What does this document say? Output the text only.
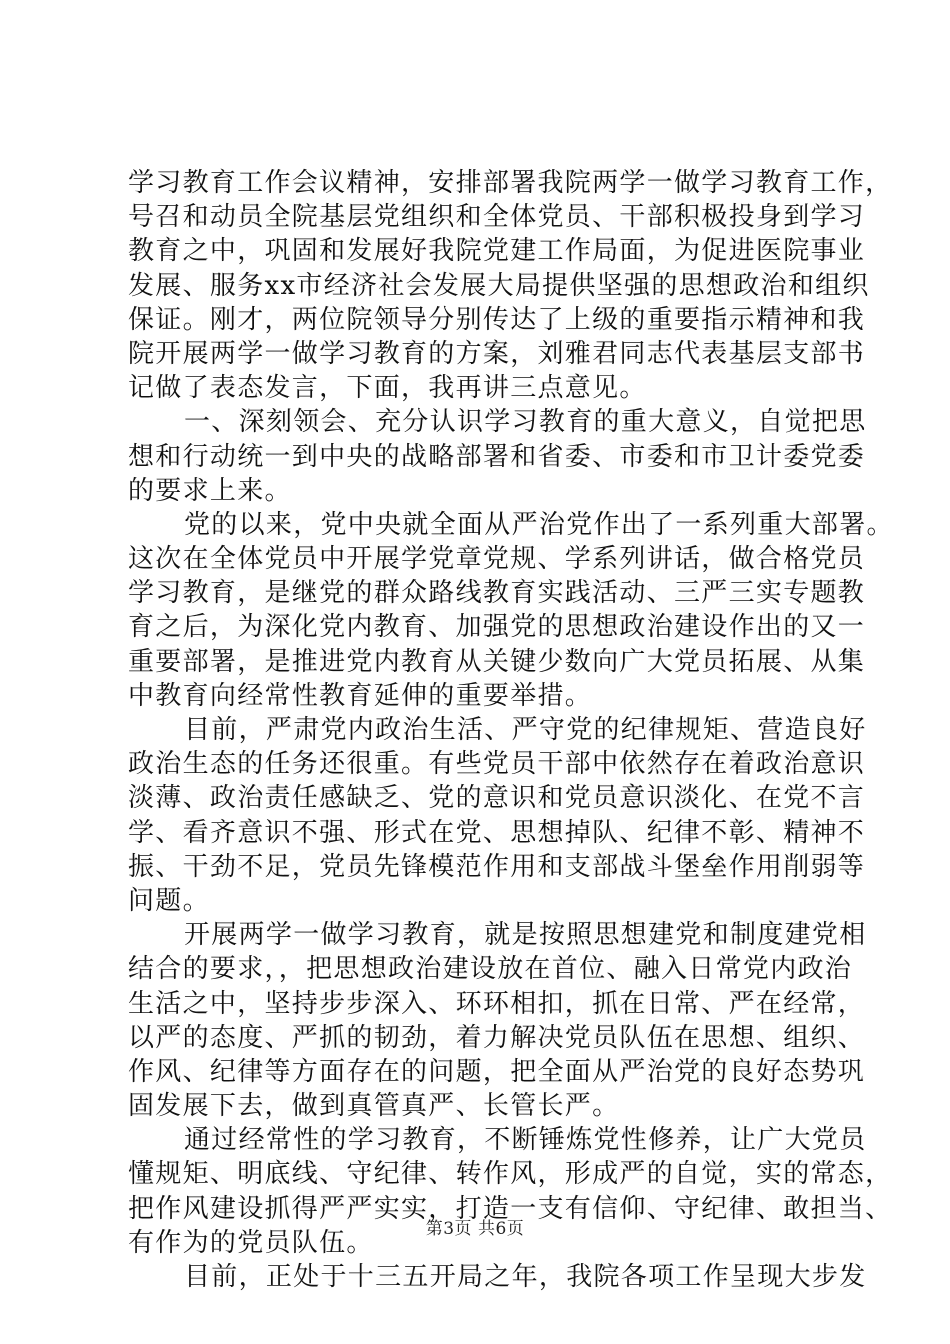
学习教育工作会议精神，安排部署我院两学一做学习教育工作，
号召和动员全院基层党组织和全体党员、干部积极投身到学习
教育之中，巩固和发展好我院党建工作局面，为促进医院事业
发展、服务xx市经济社会发展大局提供坚强的思想政治和组织
保证。刚才，两位院领导分别传达了上级的重要指示精神和我
院开展两学一做学习教育的方案，刘雅君同志代表基层支部书
记做了表态发言，下面，我再讲三点意见。
一、深刻领会、充分认识学习教育的重大意义，自觉把思
想和行动统一到中央的战略部署和省委、市委和市卫计委党委
的要求上来。
党的以来，党中央就全面从严治党作出了一系列重大部署。
这次在全体党员中开展学党章党规、学系列讲话，做合格党员
学习教育，是继党的群众路线教育实践活动、三严三实专题教
育之后，为深化党内教育、加强党的思想政治建设作出的又一
重要部署，是推进党内教育从关键少数向广大党员拓展、从集
中教育向经常性教育延伸的重要举措。
目前，严肃党内政治生活、严守党的纪律规矩、营造良好
政治生态的任务还很重。有些党员干部中依然存在着政治意识
淡薄、政治责任感缺乏、党的意识和党员意识淡化、在党不言
学、看齐意识不强、形式在党、思想掉队、纪律不彰、精神不
振、干劲不足，党员先锋模范作用和支部战斗堡垒作用削弱等
问题。
开展两学一做学习教育，就是按照思想建党和制度建党相
结合的要求，，把思想政治建设放在首位、融入日常党内政治
生活之中，坚持步步深入、环环相扣，抓在日常、严在经常，
以严的态度、严抓的韧劲，着力解决党员队伍在思想、组织、
作风、纪律等方面存在的问题，把全面从严治党的良好态势巩
固发展下去，做到真管真严、长管长严。
通过经常性的学习教育，不断锤炼党性修养，让广大党员
懂规矩、明底线、守纪律、转作风，形成严的自觉，实的常态，
把作风建设抓得严严实实，打造一支有信仰、守纪律、敢担当、
有作为的党员队伍。
目前，正处于十三五开局之年，我院各项工作呈现大步发
第3页 共6页
